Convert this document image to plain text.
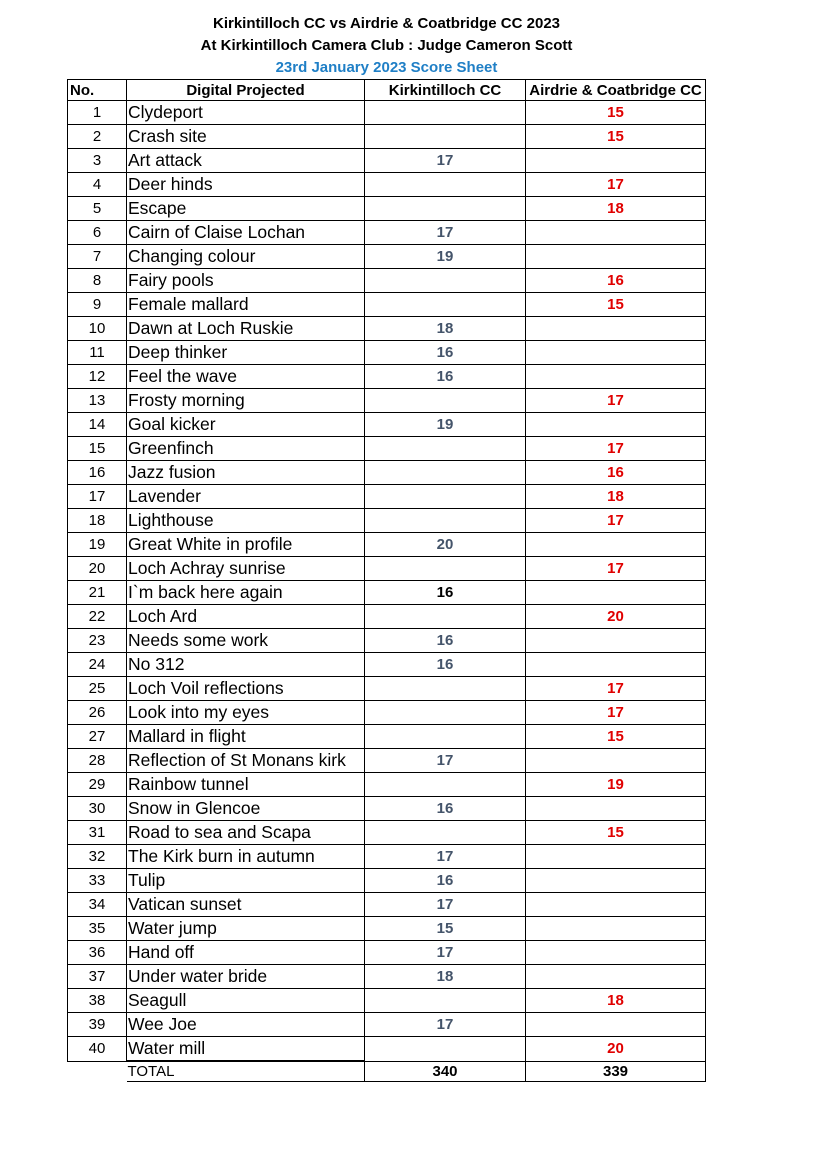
Kirkintilloch CC vs Airdrie & Coatbridge CC 2023
At Kirkintilloch Camera Club : Judge Cameron Scott
23rd January 2023 Score Sheet
No.	Digital Projected	Kirkintilloch CC	Airdrie & Coatbridge CC
1	Clydeport		15
2	Crash site		15
3	Art attack	17	
4	Deer hinds		17
5	Escape		18
6	Cairn of Claise Lochan	17	
7	Changing colour	19	
8	Fairy pools		16
9	Female mallard		15
10	Dawn at Loch Ruskie	18	
11	Deep thinker	16	
12	Feel the wave	16	
13	Frosty morning		17
14	Goal kicker	19	
15	Greenfinch		17
16	Jazz fusion		16
17	Lavender		18
18	Lighthouse		17
19	Great White in profile	20	
20	Loch Achray sunrise		17
21	I`m back here again	16	
22	Loch Ard		20
23	Needs some work	16	
24	No 312	16	
25	Loch Voil reflections		17
26	Look into my eyes		17
27	Mallard in flight		15
28	Reflection of St Monans kirk	17	
29	Rainbow tunnel		19
30	Snow in Glencoe	16	
31	Road to sea and Scapa		15
32	The Kirk burn in autumn	17	
33	Tulip	16	
34	Vatican sunset	17	
35	Water jump	15	
36	Hand off	17	
37	Under water bride	18	
38	Seagull		18
39	Wee Joe	17	
40	Water mill		20
	TOTAL	340	339
